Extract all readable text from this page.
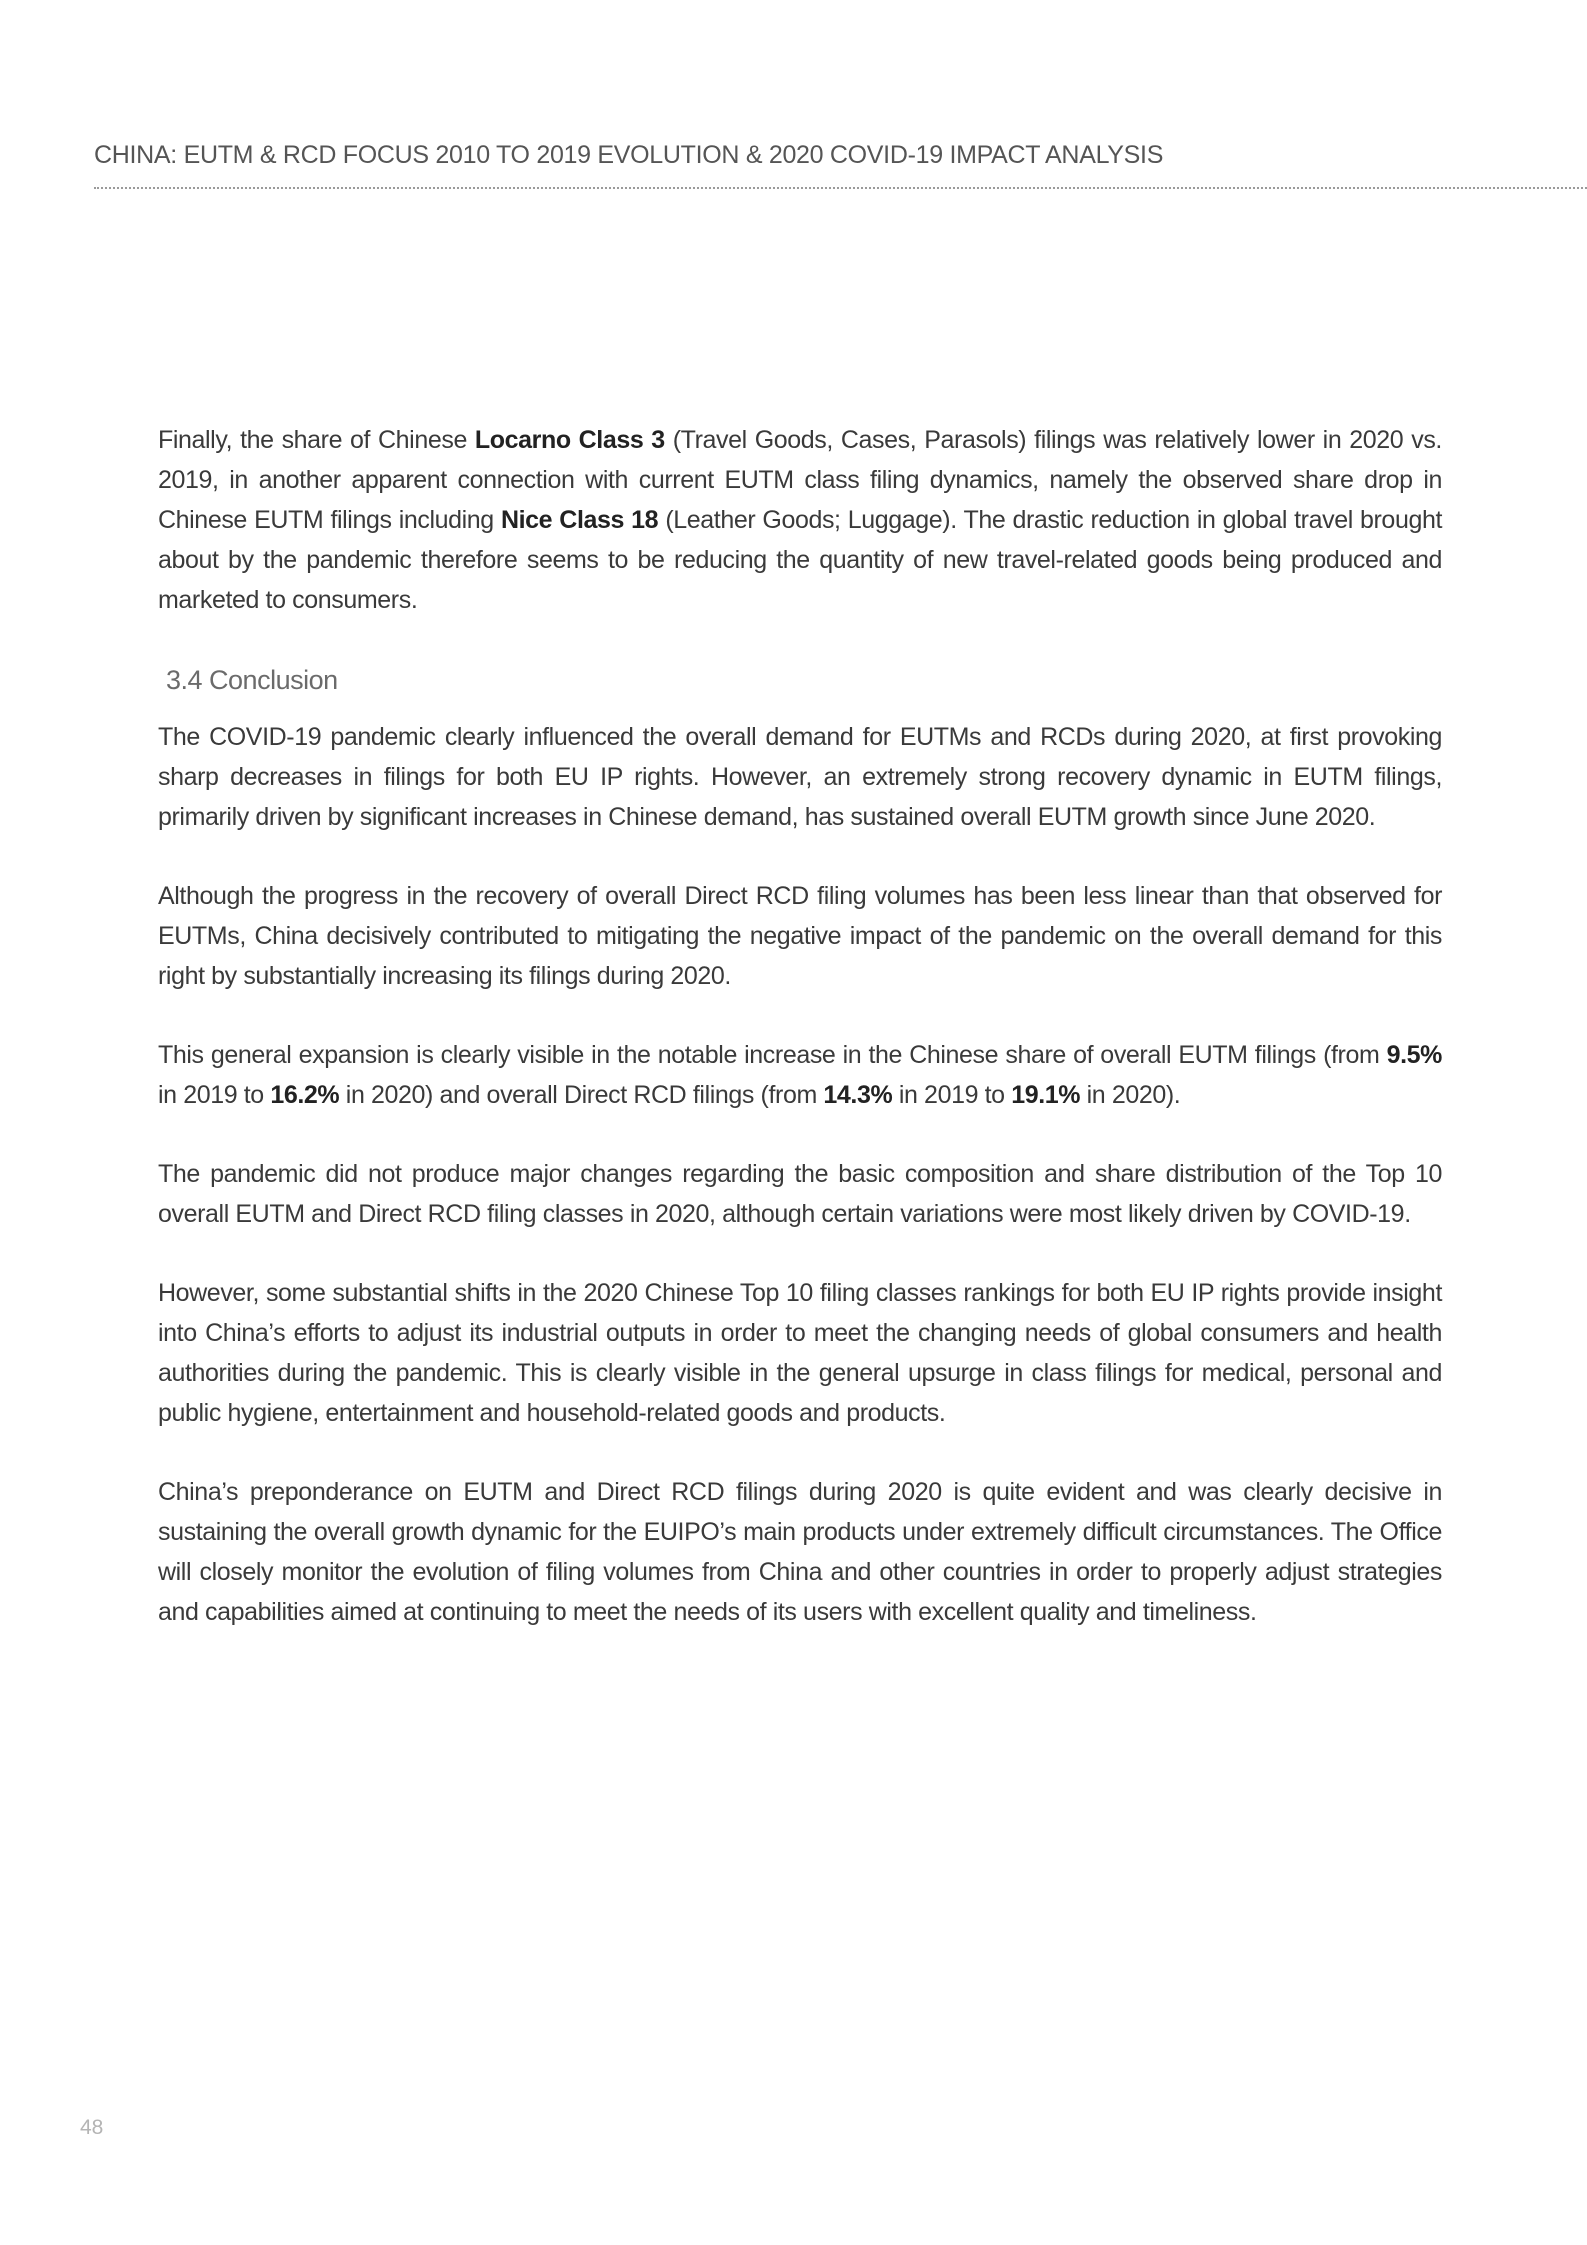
CHINA: EUTM & RCD FOCUS 2010 TO 2019 EVOLUTION & 2020 COVID-19 IMPACT ANALYSIS

Finally, the share of Chinese Locarno Class 3 (Travel Goods, Cases, Parasols) filings was relatively lower in 2020 vs. 2019, in another apparent connection with current EUTM class filing dynamics, namely the observed share drop in Chinese EUTM filings including Nice Class 18 (Leather Goods; Luggage). The drastic reduction in global travel brought about by the pandemic therefore seems to be reducing the quantity of new travel-related goods being produced and marketed to consumers.

3.4 Conclusion

The COVID-19 pandemic clearly influenced the overall demand for EUTMs and RCDs during 2020, at first provoking sharp decreases in filings for both EU IP rights. However, an extremely strong recovery dynamic in EUTM filings, primarily driven by significant increases in Chinese demand, has sustained overall EUTM growth since June 2020.

Although the progress in the recovery of overall Direct RCD filing volumes has been less linear than that observed for EUTMs, China decisively contributed to mitigating the negative impact of the pandemic on the overall demand for this right by substantially increasing its filings during 2020.

This general expansion is clearly visible in the notable increase in the Chinese share of overall EUTM filings (from 9.5% in 2019 to 16.2% in 2020) and overall Direct RCD filings (from 14.3% in 2019 to 19.1% in 2020).

The pandemic did not produce major changes regarding the basic composition and share distribution of the Top 10 overall EUTM and Direct RCD filing classes in 2020, although certain variations were most likely driven by COVID-19.

However, some substantial shifts in the 2020 Chinese Top 10 filing classes rankings for both EU IP rights provide insight into China’s efforts to adjust its industrial outputs in order to meet the changing needs of global consumers and health authorities during the pandemic. This is clearly visible in the general upsurge in class filings for medical, personal and public hygiene, entertainment and household-related goods and products.

China’s preponderance on EUTM and Direct RCD filings during 2020 is quite evident and was clearly decisive in sustaining the overall growth dynamic for the EUIPO’s main products under extremely difficult circumstances. The Office will closely monitor the evolution of filing volumes from China and other countries in order to properly adjust strategies and capabilities aimed at continuing to meet the needs of its users with excellent quality and timeliness.

48
